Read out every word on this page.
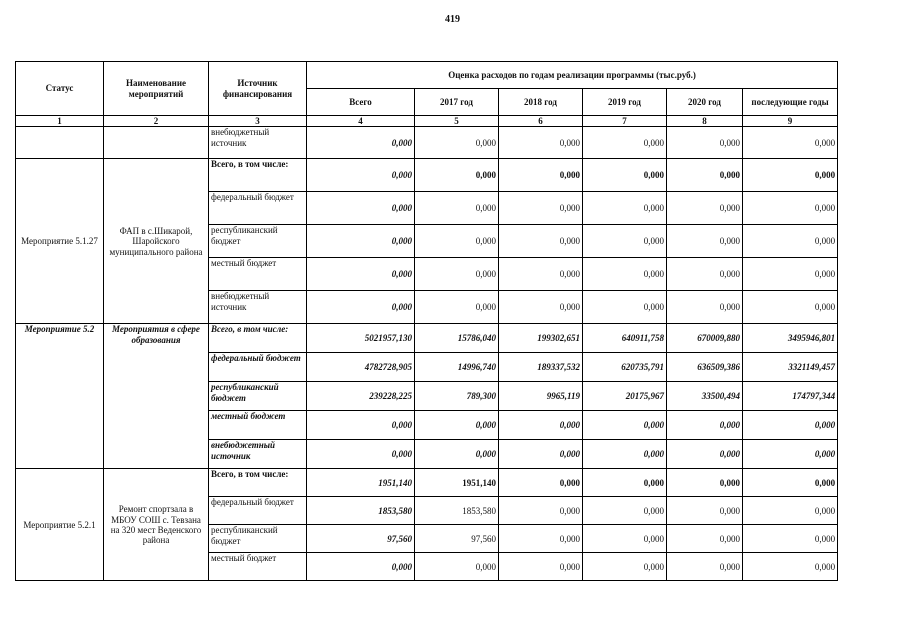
419
Статус	Наименование мероприятий	Источник финансирования	Оценка расходов по годам реализации программы (тыс.руб.)					
			Всего	2017 год	2018 год	2019 год	2020 год	последующие годы
1	2	3	4	5	6	7	8	9
		внебюджетный источник	0,000	0,000	0,000	0,000	0,000	0,000
Мероприятие 5.1.27	ФАП в с.Шикарой, Шаройского муниципального района	Всего, в том числе:	0,000	0,000	0,000	0,000	0,000	0,000
		федеральный бюджет	0,000	0,000	0,000	0,000	0,000	0,000
		республиканский бюджет	0,000	0,000	0,000	0,000	0,000	0,000
		местный бюджет	0,000	0,000	0,000	0,000	0,000	0,000
		внебюджетный источник	0,000	0,000	0,000	0,000	0,000	0,000
Мероприятие 5.2	Мероприятия в сфере образования	Всего, в том числе:	5021957,130	15786,040	199302,651	640911,758	670009,880	3495946,801
		федеральный бюджет	4782728,905	14996,740	189337,532	620735,791	636509,386	3321149,457
		республиканский бюджет	239228,225	789,300	9965,119	20175,967	33500,494	174797,344
		местный бюджет	0,000	0,000	0,000	0,000	0,000	0,000
		внебюджетный источник	0,000	0,000	0,000	0,000	0,000	0,000
Мероприятие 5.2.1	Ремонт спортзала в МБОУ СОШ с. Тевзана на 320 мест Веденского района	Всего, в том числе:	1951,140	1951,140	0,000	0,000	0,000	0,000
		федеральный бюджет	1853,580	1853,580	0,000	0,000	0,000	0,000
		республиканский бюджет	97,560	97,560	0,000	0,000	0,000	0,000
		местный бюджет	0,000	0,000	0,000	0,000	0,000	0,000
